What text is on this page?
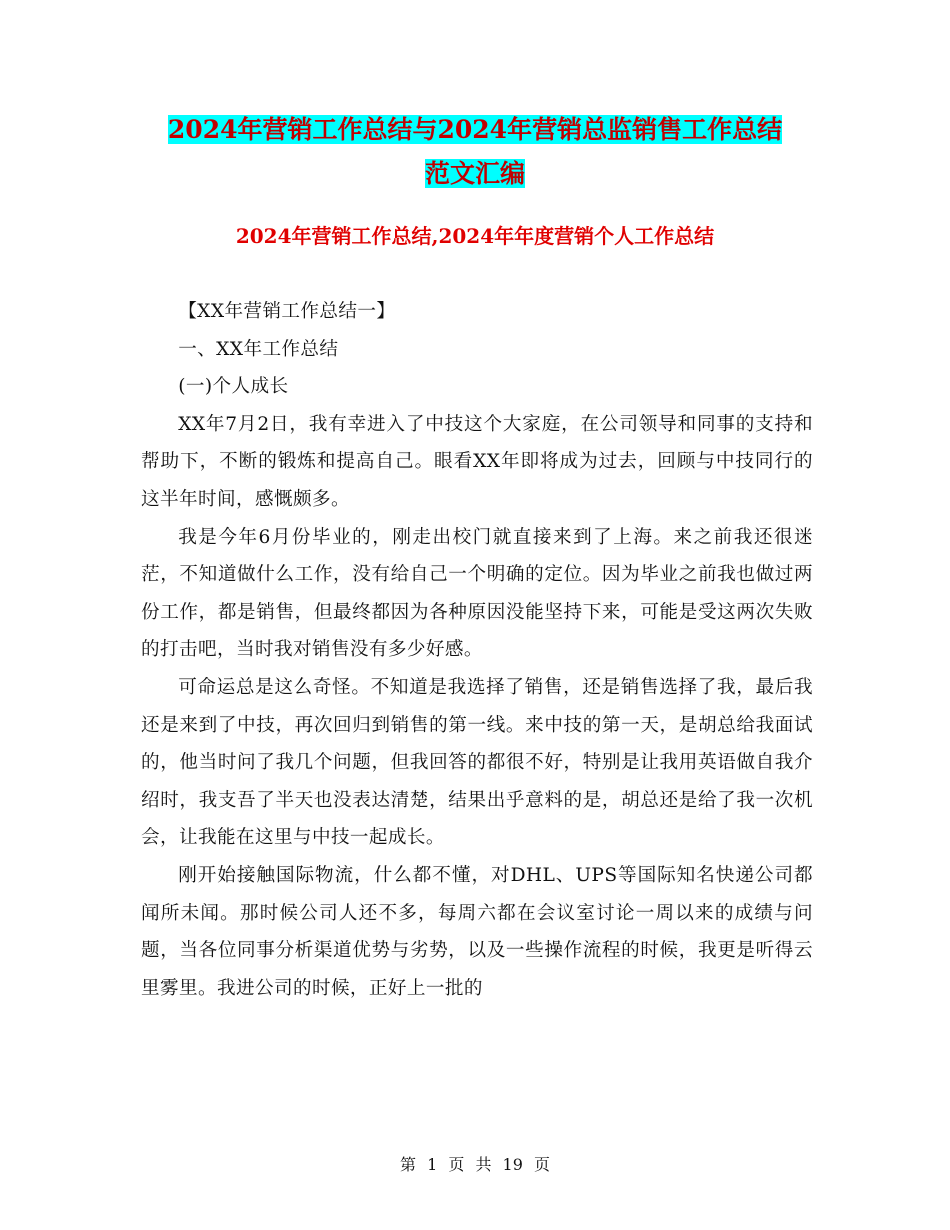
2024年营销工作总结与2024年营销总监销售工作总结
范文汇编
2024年营销工作总结,2024年年度营销个人工作总结

【XX年营销工作总结一】

一、XX年工作总结

(一)个人成长

XX年7月2日，我有幸进入了中技这个大家庭，在公司领导和同事的支持和帮助下，不断的锻炼和提高自己。眼看XX年即将成为过去，回顾与中技同行的这半年时间，感慨颇多。

我是今年6月份毕业的，刚走出校门就直接来到了上海。来之前我还很迷茫，不知道做什么工作，没有给自己一个明确的定位。因为毕业之前我也做过两份工作，都是销售，但最终都因为各种原因没能坚持下来，可能是受这两次失败的打击吧，当时我对销售没有多少好感。

可命运总是这么奇怪。不知道是我选择了销售，还是销售选择了我，最后我还是来到了中技，再次回归到销售的第一线。来中技的第一天，是胡总给我面试的，他当时问了我几个问题，但我回答的都很不好，特别是让我用英语做自我介绍时，我支吾了半天也没表达清楚，结果出乎意料的是，胡总还是给了我一次机会，让我能在这里与中技一起成长。

刚开始接触国际物流，什么都不懂，对DHL、UPS等国际知名快递公司都闻所未闻。那时候公司人还不多，每周六都在会议室讨论一周以来的成绩与问题，当各位同事分析渠道优势与劣势，以及一些操作流程的时候，我更是听得云里雾里。我进公司的时候，正好上一批的

第 1 页 共 19 页
